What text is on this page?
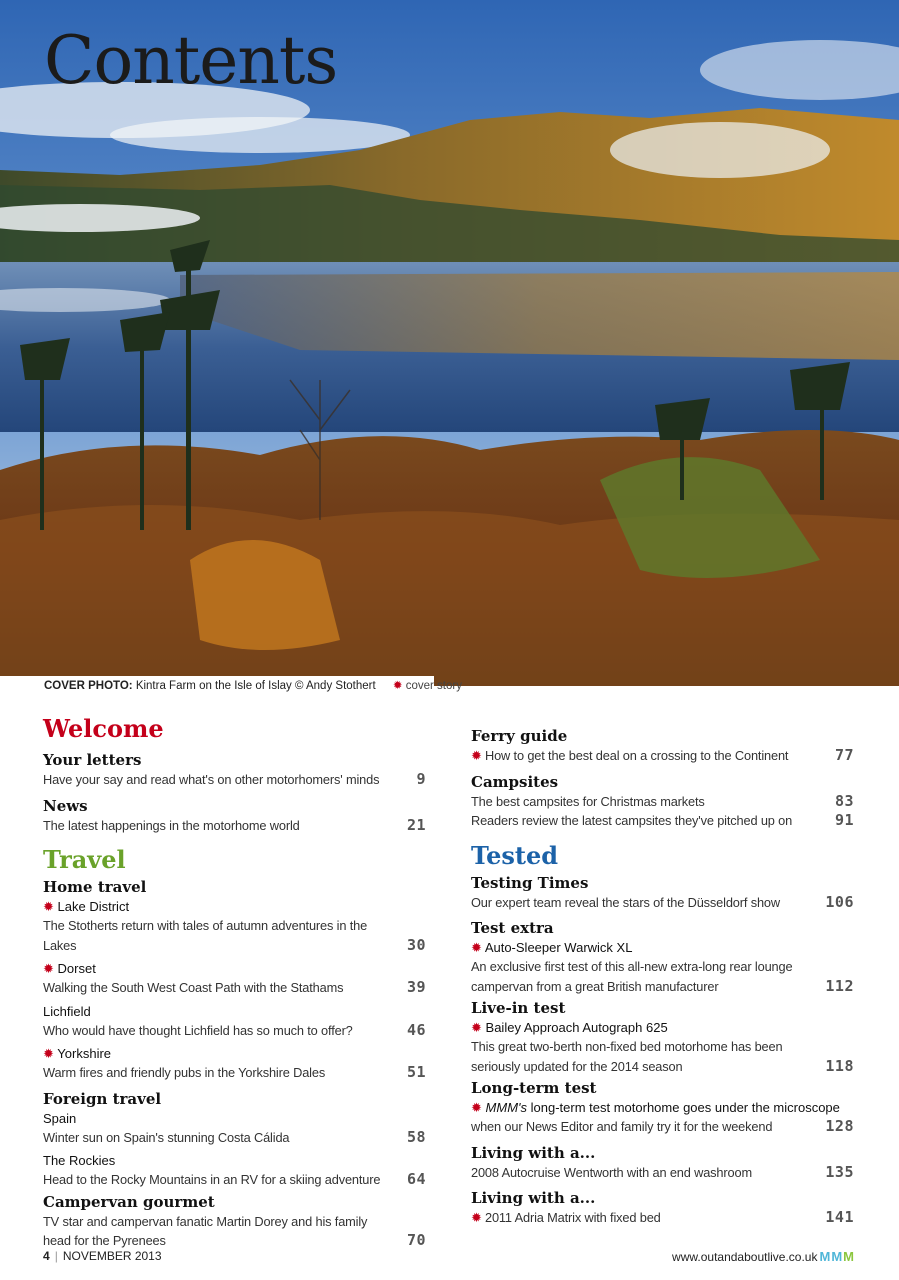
Contents
COVER PHOTO: Kintra Farm on the Isle of Islay © Andy Stothert ✹ cover story
Welcome
Your letters
Have your say and read what's on other motorhomers' minds 9
News
The latest happenings in the motorhome world	21
Travel
Home travel
✹ Lake District
The Stotherts return with tales of autumn adventures in the Lakes	30
✹ Dorset
Walking the South West Coast Path with the Stathams	39
Lichfield
Who would have thought Lichfield has so much to offer?	46
✹ Yorkshire
Warm fires and friendly pubs in the Yorkshire Dales	51
Foreign travel
Spain
Winter sun on Spain's stunning Costa Cálida	58
The Rockies
Head to the Rocky Mountains in an RV for a skiing adventure 64
Campervan gourmet
TV star and campervan fanatic Martin Dorey and his family
head for the Pyrenees	70
Ferry guide
✹ How to get the best deal on a crossing to the Continent	77
Campsites
The best campsites for Christmas markets	83
Readers review the latest campsites they've pitched up on	91
Tested
Testing Times
Our expert team reveal the stars of the Düsseldorf show	106
Test extra
✹ Auto-Sleeper Warwick XL
An exclusive first test of this all-new extra-long rear lounge
campervan from a great British manufacturer	112
Live-in test
✹ Bailey Approach Autograph 625
This great two-berth non-fixed bed motorhome has been
seriously updated for the 2014 season	118
Long-term test
✹ MMM's long-term test motorhome goes under the microscope
when our News Editor and family try it for the weekend	128
Living with a...
2008 Autocruise Wentworth with an end washroom	135
Living with a...
✹ 2011 Adria Matrix with fixed bed	141
4 | NOVEMBER 2013	www.outandaboutlive.co.uk MMM
